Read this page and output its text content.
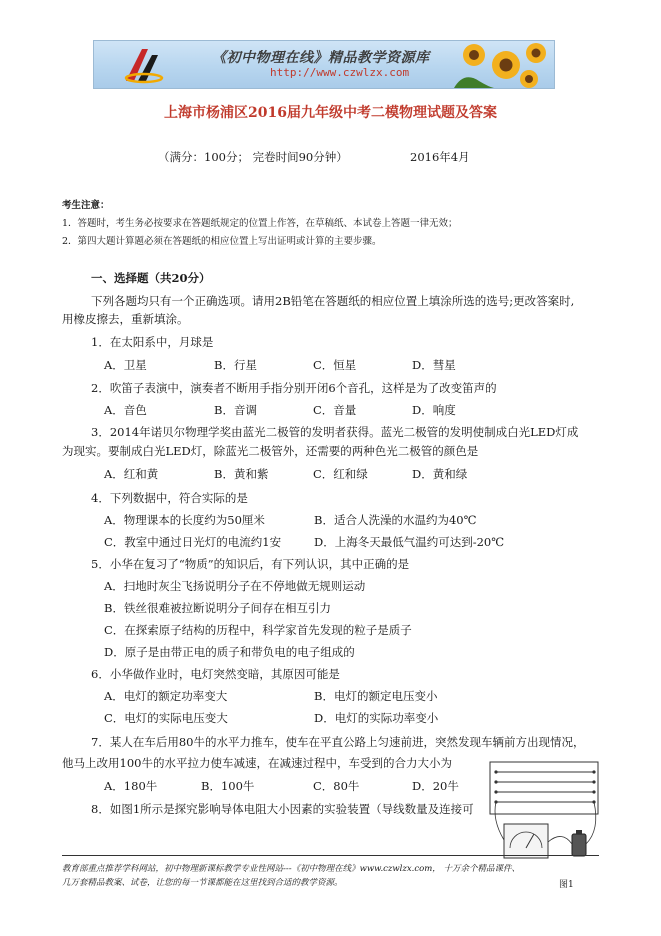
《初中物理在线》精品教学资源库
http://www.czwlzx.com
上海市杨浦区2016届九年级中考二模物理试题及答案
（满分：100分； 完卷时间90分钟）	2016年4月
考生注意：
1．答题时，考生务必按要求在答题纸规定的位置上作答，在草稿纸、本试卷上答题一律无效；
2．第四大题计算题必须在答题纸的相应位置上写出证明或计算的主要步骤。
一、选择题（共20分）
下列各题均只有一个正确选项。请用2B铅笔在答题纸的相应位置上填涂所选的选号;更改答案时,
用橡皮擦去，重新填涂。
1．在太阳系中，月球是
A．卫星	B．行星	C．恒星	D．彗星
2．吹笛子表演中，演奏者不断用手指分别开闭6个音孔，这样是为了改变笛声的
A．音色	B．音调	C．音量	D．响度
3．2014年诺贝尔物理学奖由蓝光二极管的发明者获得。蓝光二极管的发明使制成白光LED灯成
为现实。要制成白光LED灯，除蓝光二极管外，还需要的两种色光二极管的颜色是
A．红和黄	B．黄和紫	C．红和绿	D．黄和绿
4．下列数据中，符合实际的是
A．物理课本的长度约为50厘米	B．适合人洗澡的水温约为40℃
C．教室中通过日光灯的电流约1安	D．上海冬天最低气温约可达到-20℃
5．小华在复习了“物质”的知识后，有下列认识，其中正确的是
A．扫地时灰尘飞扬说明分子在不停地做无规则运动
B．铁丝很难被拉断说明分子间存在相互引力
C．在探索原子结构的历程中，科学家首先发现的粒子是质子
D．原子是由带正电的质子和带负电的电子组成的
6．小华做作业时，电灯突然变暗，其原因可能是
A．电灯的额定功率变大	B．电灯的额定电压变小
C．电灯的实际电压变大	D．电灯的实际功率变小
7．某人在车后用80牛的水平力推车，使车在平直公路上匀速前进，突然发现车辆前方出现情况，
他马上改用100牛的水平拉力使车减速，在减速过程中，车受到的合力大小为
A．180牛	B．100牛	C．80牛	D．20牛
8．如图1所示是探究影响导体电阻大小因素的实验装置（导线数量及连接可
教育部重点推荐学科网站，初中物理新课标教学专业性网站---《初中物理在线》www.czwlzx.com， 十万余个精品课件、
几万套精品教案、试卷，让您的每一节课都能在这里找到合适的教学资源。	图1
